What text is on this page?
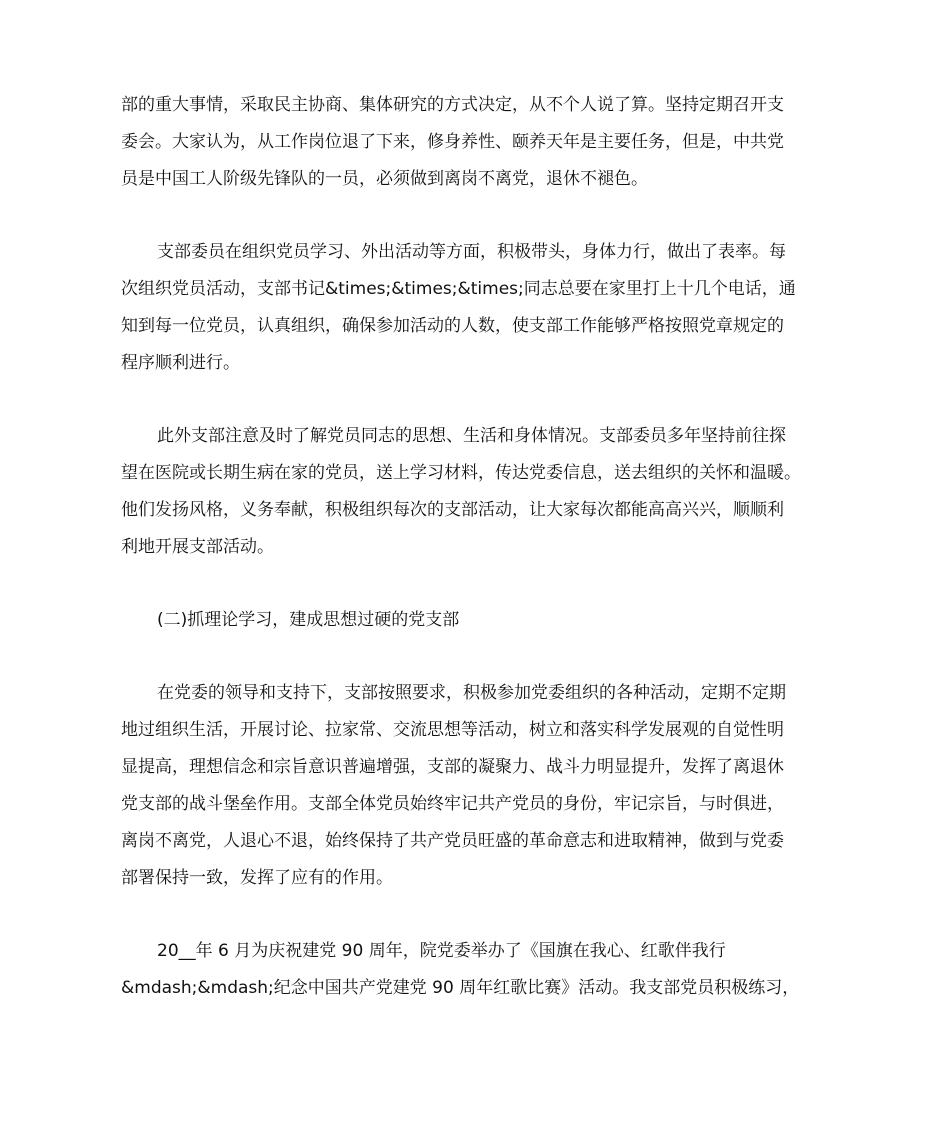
部的重大事情，采取民主协商、集体研究的方式决定，从不个人说了算。坚持定期召开支
委会。大家认为，从工作岗位退了下来，修身养性、颐养天年是主要任务，但是，中共党
员是中国工人阶级先锋队的一员，必须做到离岗不离党，退休不褪色。

支部委员在组织党员学习、外出活动等方面，积极带头，身体力行，做出了表率。每
次组织党员活动，支部书记&times;&times;&times;同志总要在家里打上十几个电话，通
知到每一位党员，认真组织，确保参加活动的人数，使支部工作能够严格按照党章规定的
程序顺利进行。

此外支部注意及时了解党员同志的思想、生活和身体情况。支部委员多年坚持前往探
望在医院或长期生病在家的党员，送上学习材料，传达党委信息，送去组织的关怀和温暖。
他们发扬风格，义务奉献，积极组织每次的支部活动，让大家每次都能高高兴兴，顺顺利
利地开展支部活动。

(二)抓理论学习，建成思想过硬的党支部

在党委的领导和支持下，支部按照要求，积极参加党委组织的各种活动，定期不定期
地过组织生活，开展讨论、拉家常、交流思想等活动，树立和落实科学发展观的自觉性明
显提高，理想信念和宗旨意识普遍增强，支部的凝聚力、战斗力明显提升，发挥了离退休
党支部的战斗堡垒作用。支部全体党员始终牢记共产党员的身份，牢记宗旨，与时俱进，
离岗不离党，人退心不退，始终保持了共产党员旺盛的革命意志和进取精神，做到与党委
部署保持一致，发挥了应有的作用。

20__年 6 月为庆祝建党 90 周年，院党委举办了《国旗在我心、红歌伴我行
&mdash;&mdash;纪念中国共产党建党 90 周年红歌比赛》活动。我支部党员积极练习，
